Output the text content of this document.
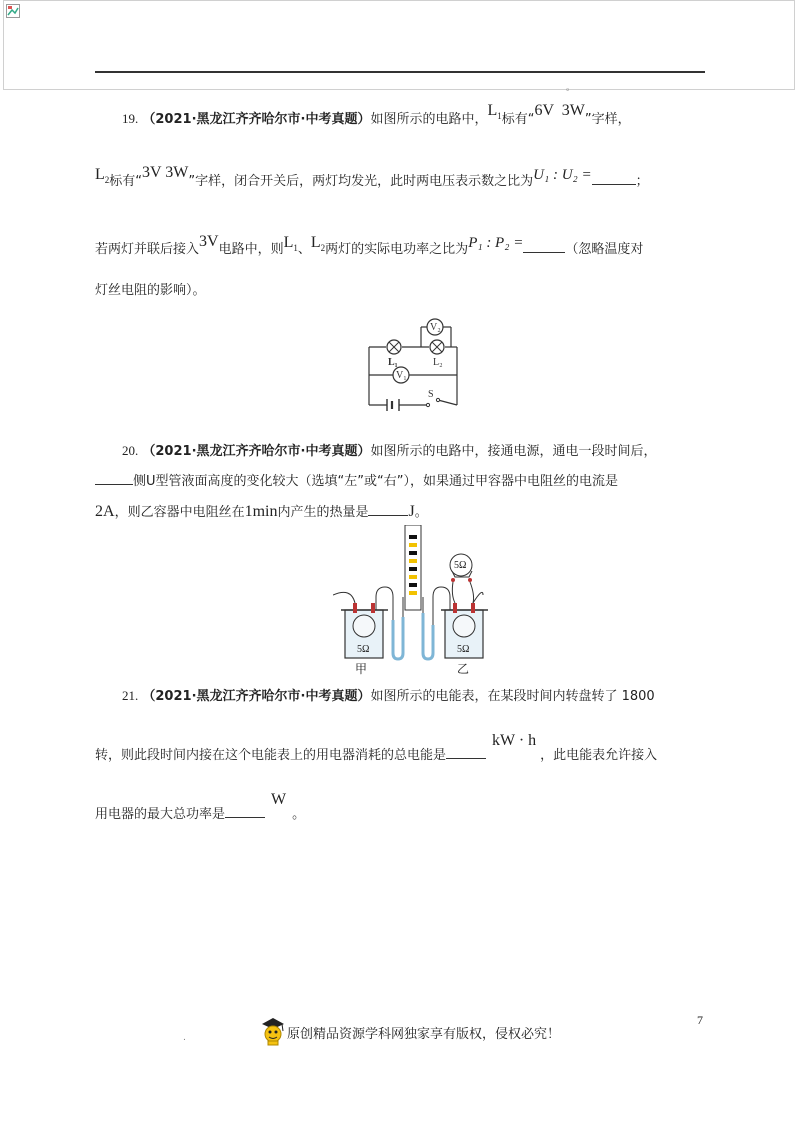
。
19. （2021·黑龙江齐齐哈尔市·中考真题）如图所示的电路中，$L_1$标有“6V 3W”字样，
$L_2$标有“3V 3W”字样，闭合开关后，两灯均发光，此时两电压表示数之比为U₁ : U₂ =	；
若两灯并联后接入3V电路中，则$L_1$、$L_2$两灯的实际电功率之比为P₁ : P₂ =	（忽略温度对
灯丝电阻的影响）。
V₂
V₁
L₁	L₂
S
20. （2021·黑龙江齐齐哈尔市·中考真题）如图所示的电路中，接通电源，通电一段时间后，
侧U型管液面高度的变化较大（选填“左”或“右”），如果通过甲容器中电阻丝的电流是
2A，则乙容器中电阻丝在1min内产生的热量是	J。
5Ω	5Ω
5Ω
甲	乙
21. （2021·黑龙江齐齐哈尔市·中考真题）如图所示的电能表，在某段时间内转盘转了 1800
转，则此段时间内接在这个电能表上的用电器消耗的总电能是kW · h，此电能表允许接入
用电器的最大总功率是W。
7
.	原创精品资源学科网独家享有版权，侵权必究！
